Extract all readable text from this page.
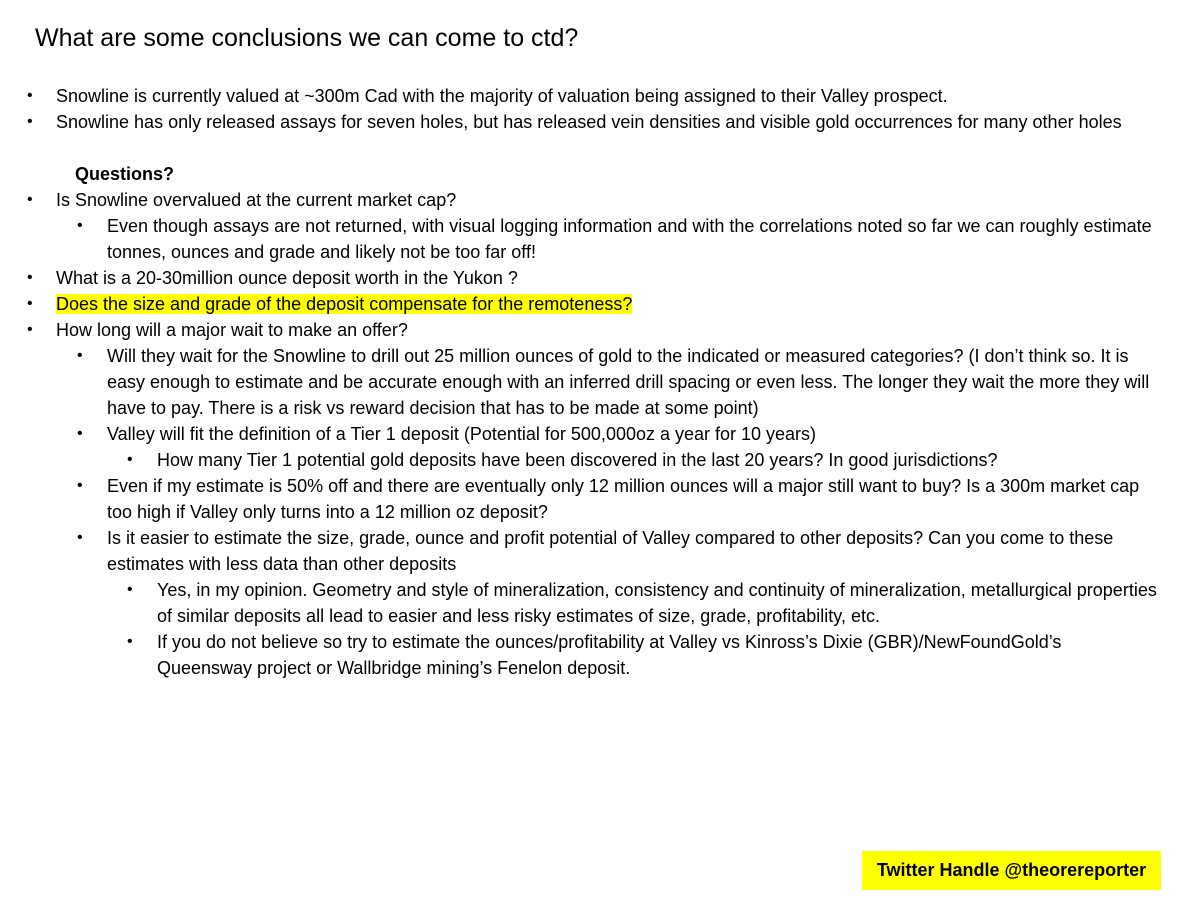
What are some conclusions we can come to ctd?
• Snowline is currently valued at ~300m Cad with the majority of valuation being assigned to their Valley prospect.
• Snowline has only released assays for seven holes, but has released vein densities and visible gold occurrences for many other holes
Questions?
• Is Snowline overvalued at the current market cap?
• Even though assays are not returned, with visual logging information and with the correlations noted so far we can roughly estimate tonnes, ounces and grade and likely not be too far off!
• What is a 20-30million ounce deposit worth in the Yukon ?
• Does the size and grade of the deposit compensate for the remoteness?
• How long will a major wait to make an offer?
• Will they wait for the Snowline to drill out 25 million ounces of gold to the indicated or measured categories? (I don’t think so. It is easy enough to estimate and be accurate enough with an inferred drill spacing or even less. The longer they wait the more they will have to pay. There is a risk vs reward decision that has to be made at some point)
• Valley will fit the definition of a Tier 1 deposit (Potential for 500,000oz a year for 10 years)
• How many Tier 1 potential gold deposits have been discovered in the last 20 years? In good jurisdictions?
• Even if my estimate is 50% off and there are eventually only 12 million ounces will a major still want to buy? Is a 300m market cap too high if Valley only turns into a 12 million oz deposit?
• Is it easier to estimate the size, grade, ounce and profit potential of Valley compared to other deposits? Can you come to these estimates with less data than other deposits
• Yes, in my opinion. Geometry and style of mineralization, consistency and continuity of mineralization, metallurgical properties of similar deposits all lead to easier and less risky estimates of size, grade, profitability, etc.
• If you do not believe so try to estimate the ounces/profitability at Valley vs Kinross’s Dixie (GBR)/NewFoundGold’s Queensway project or Wallbridge mining’s Fenelon deposit.
Twitter Handle @theorereporter
